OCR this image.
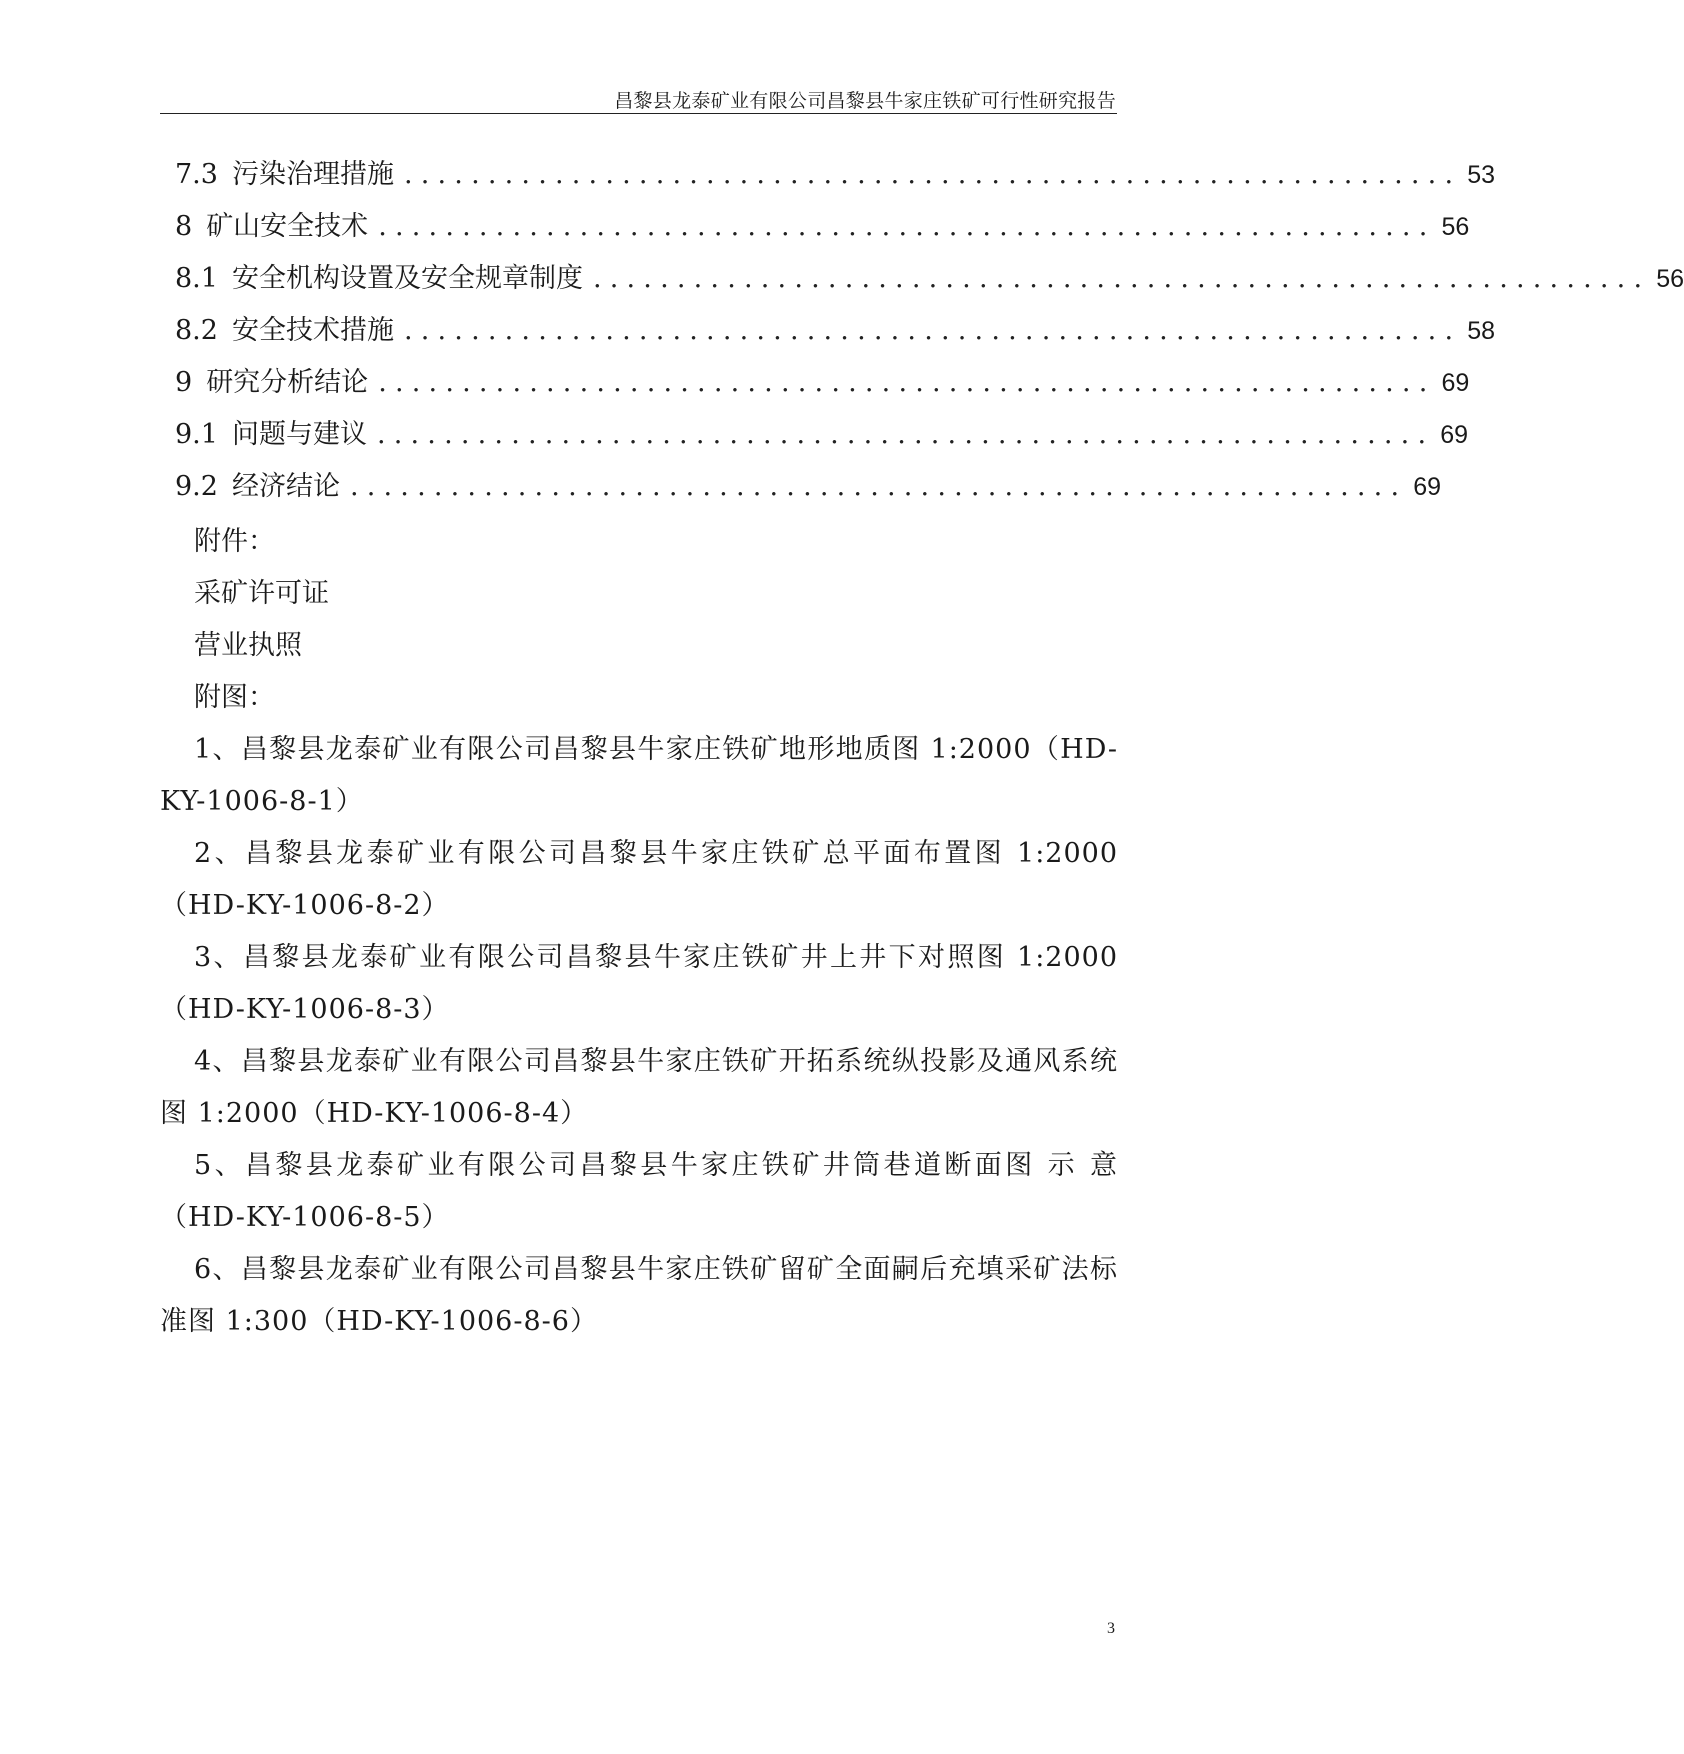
昌黎县龙泰矿业有限公司昌黎县牛家庄铁矿可行性研究报告
7.3 污染治理措施 ............................................................... 53
8 矿山安全技术 ............................................................... 56
8.1 安全机构设置及安全规章制度 ............................................................... 56
8.2 安全技术措施 ............................................................... 58
9 研究分析结论 ............................................................... 69
9.1 问题与建议 ............................................................... 69
9.2 经济结论 ............................................................... 69
附件：
采矿许可证
营业执照
附图：
1、昌黎县龙泰矿业有限公司昌黎县牛家庄铁矿地形地质图 1:2000（HD-KY-1006-8-1）
2、昌黎县龙泰矿业有限公司昌黎县牛家庄铁矿总平面布置图 1:2000（HD-KY-1006-8-2）
3、昌黎县龙泰矿业有限公司昌黎县牛家庄铁矿井上井下对照图 1:2000（HD-KY-1006-8-3）
4、昌黎县龙泰矿业有限公司昌黎县牛家庄铁矿开拓系统纵投影及通风系统图 1:2000（HD-KY-1006-8-4）
5、昌黎县龙泰矿业有限公司昌黎县牛家庄铁矿井筒巷道断面图 示 意（HD-KY-1006-8-5）
6、昌黎县龙泰矿业有限公司昌黎县牛家庄铁矿留矿全面嗣后充填采矿法标准图 1:300（HD-KY-1006-8-6）
3
